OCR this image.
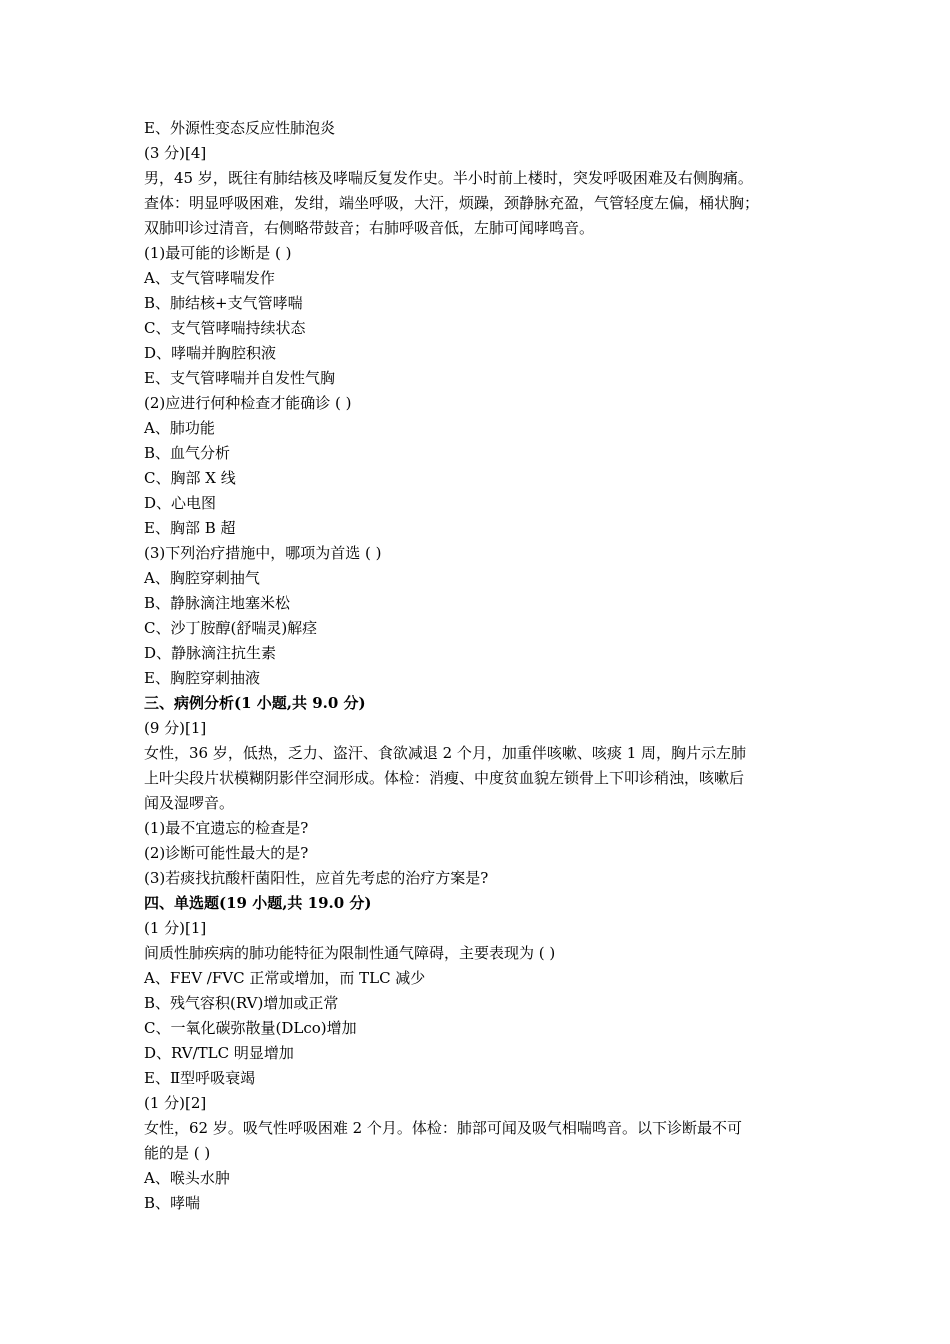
E、外源性变态反应性肺泡炎
(3 分)[4]
男，45 岁，既往有肺结核及哮喘反复发作史。半小时前上楼时，突发呼吸困难及右侧胸痛。
查体：明显呼吸困难，发绀，端坐呼吸，大汗，烦躁，颈静脉充盈，气管轻度左偏，桶状胸；
双肺叩诊过清音，右侧略带鼓音；右肺呼吸音低，左肺可闻哮鸣音。
(1)最可能的诊断是 ( )
A、支气管哮喘发作
B、肺结核+支气管哮喘
C、支气管哮喘持续状态
D、哮喘并胸腔积液
E、支气管哮喘并自发性气胸
(2)应进行何种检查才能确诊 ( )
A、肺功能
B、血气分析
C、胸部 X 线
D、心电图
E、胸部 B 超
(3)下列治疗措施中，哪项为首选 ( )
A、胸腔穿刺抽气
B、静脉滴注地塞米松
C、沙丁胺醇(舒喘灵)解痉
D、静脉滴注抗生素
E、胸腔穿刺抽液
三、病例分析(1 小题,共 9.0 分)
(9 分)[1]
女性，36 岁，低热，乏力、盗汗、食欲减退 2 个月，加重伴咳嗽、咳痰 1 周，胸片示左肺
上叶尖段片状模糊阴影伴空洞形成。体检：消瘦、中度贫血貌左锁骨上下叩诊稍浊，咳嗽后
闻及湿啰音。
(1)最不宜遗忘的检查是?
(2)诊断可能性最大的是?
(3)若痰找抗酸杆菌阳性，应首先考虑的治疗方案是?
四、单选题(19 小题,共 19.0 分)
(1 分)[1]
间质性肺疾病的肺功能特征为限制性通气障碍，主要表现为 ( )
A、FEV /FVC 正常或增加，而 TLC 减少
B、残气容积(RV)增加或正常
C、一氧化碳弥散量(DLco)增加
D、RV/TLC 明显增加
E、Ⅱ型呼吸衰竭
(1 分)[2]
女性，62 岁。吸气性呼吸困难 2 个月。体检：肺部可闻及吸气相喘鸣音。以下诊断最不可
能的是 ( )
A、喉头水肿
B、哮喘
